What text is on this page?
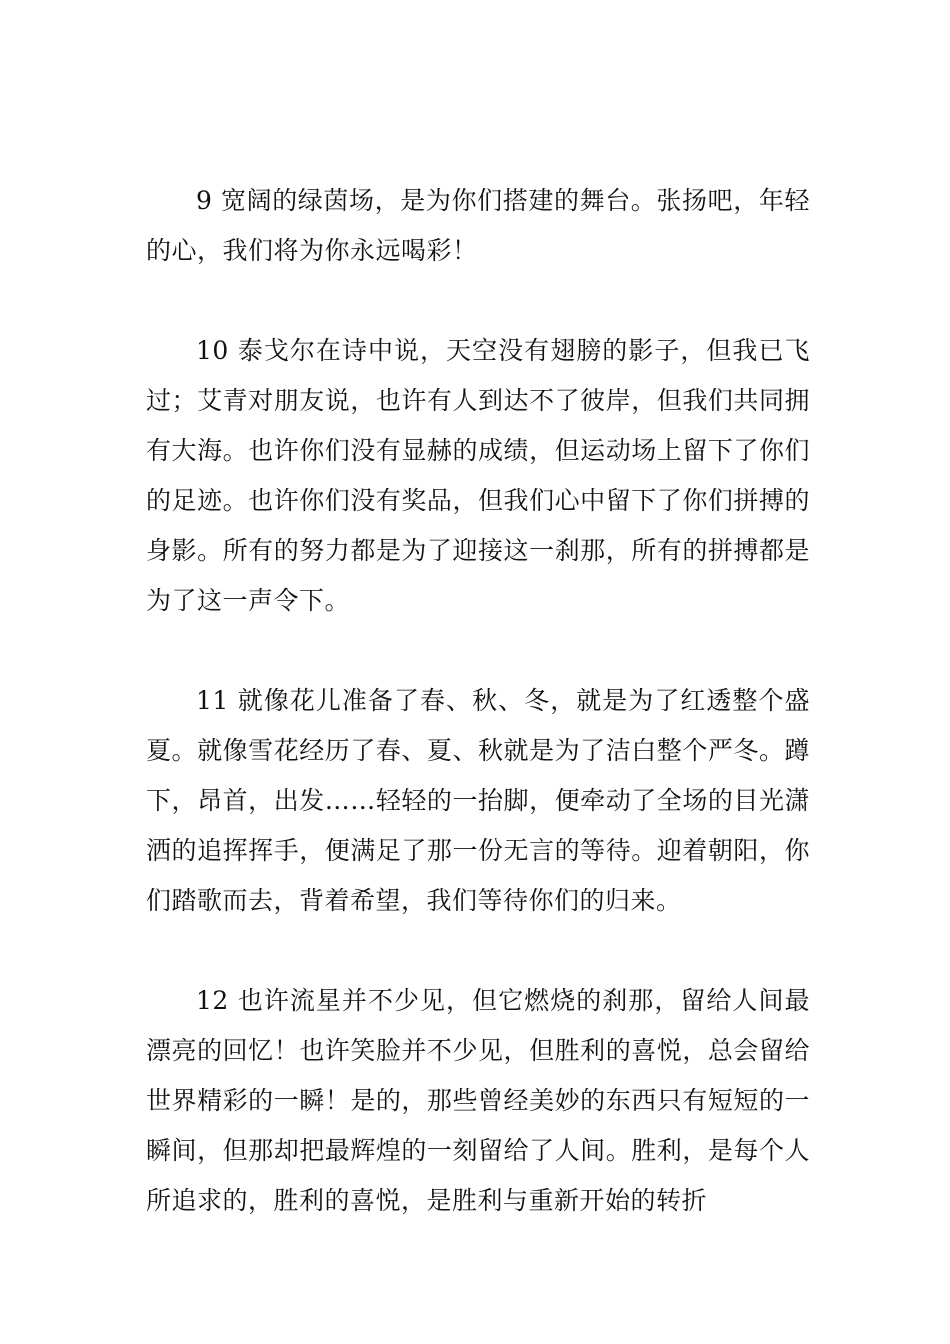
9 宽阔的绿茵场，是为你们搭建的舞台。张扬吧，年轻的心，我们将为你永远喝彩！

10 泰戈尔在诗中说，天空没有翅膀的影子，但我已飞过；艾青对朋友说，也许有人到达不了彼岸，但我们共同拥有大海。也许你们没有显赫的成绩，但运动场上留下了你们的足迹。也许你们没有奖品，但我们心中留下了你们拼搏的身影。所有的努力都是为了迎接这一刹那，所有的拼搏都是为了这一声令下。

11 就像花儿准备了春、秋、冬，就是为了红透整个盛夏。就像雪花经历了春、夏、秋就是为了洁白整个严冬。蹲下，昂首，出发……轻轻的一抬脚，便牵动了全场的目光潇洒的追挥挥手，便满足了那一份无言的等待。迎着朝阳，你们踏歌而去，背着希望，我们等待你们的归来。

12 也许流星并不少见，但它燃烧的刹那，留给人间最漂亮的回忆！也许笑脸并不少见，但胜利的喜悦，总会留给世界精彩的一瞬！是的，那些曾经美妙的东西只有短短的一瞬间，但那却把最辉煌的一刻留给了人间。胜利，是每个人所追求的，胜利的喜悦，是胜利与重新开始的转折
